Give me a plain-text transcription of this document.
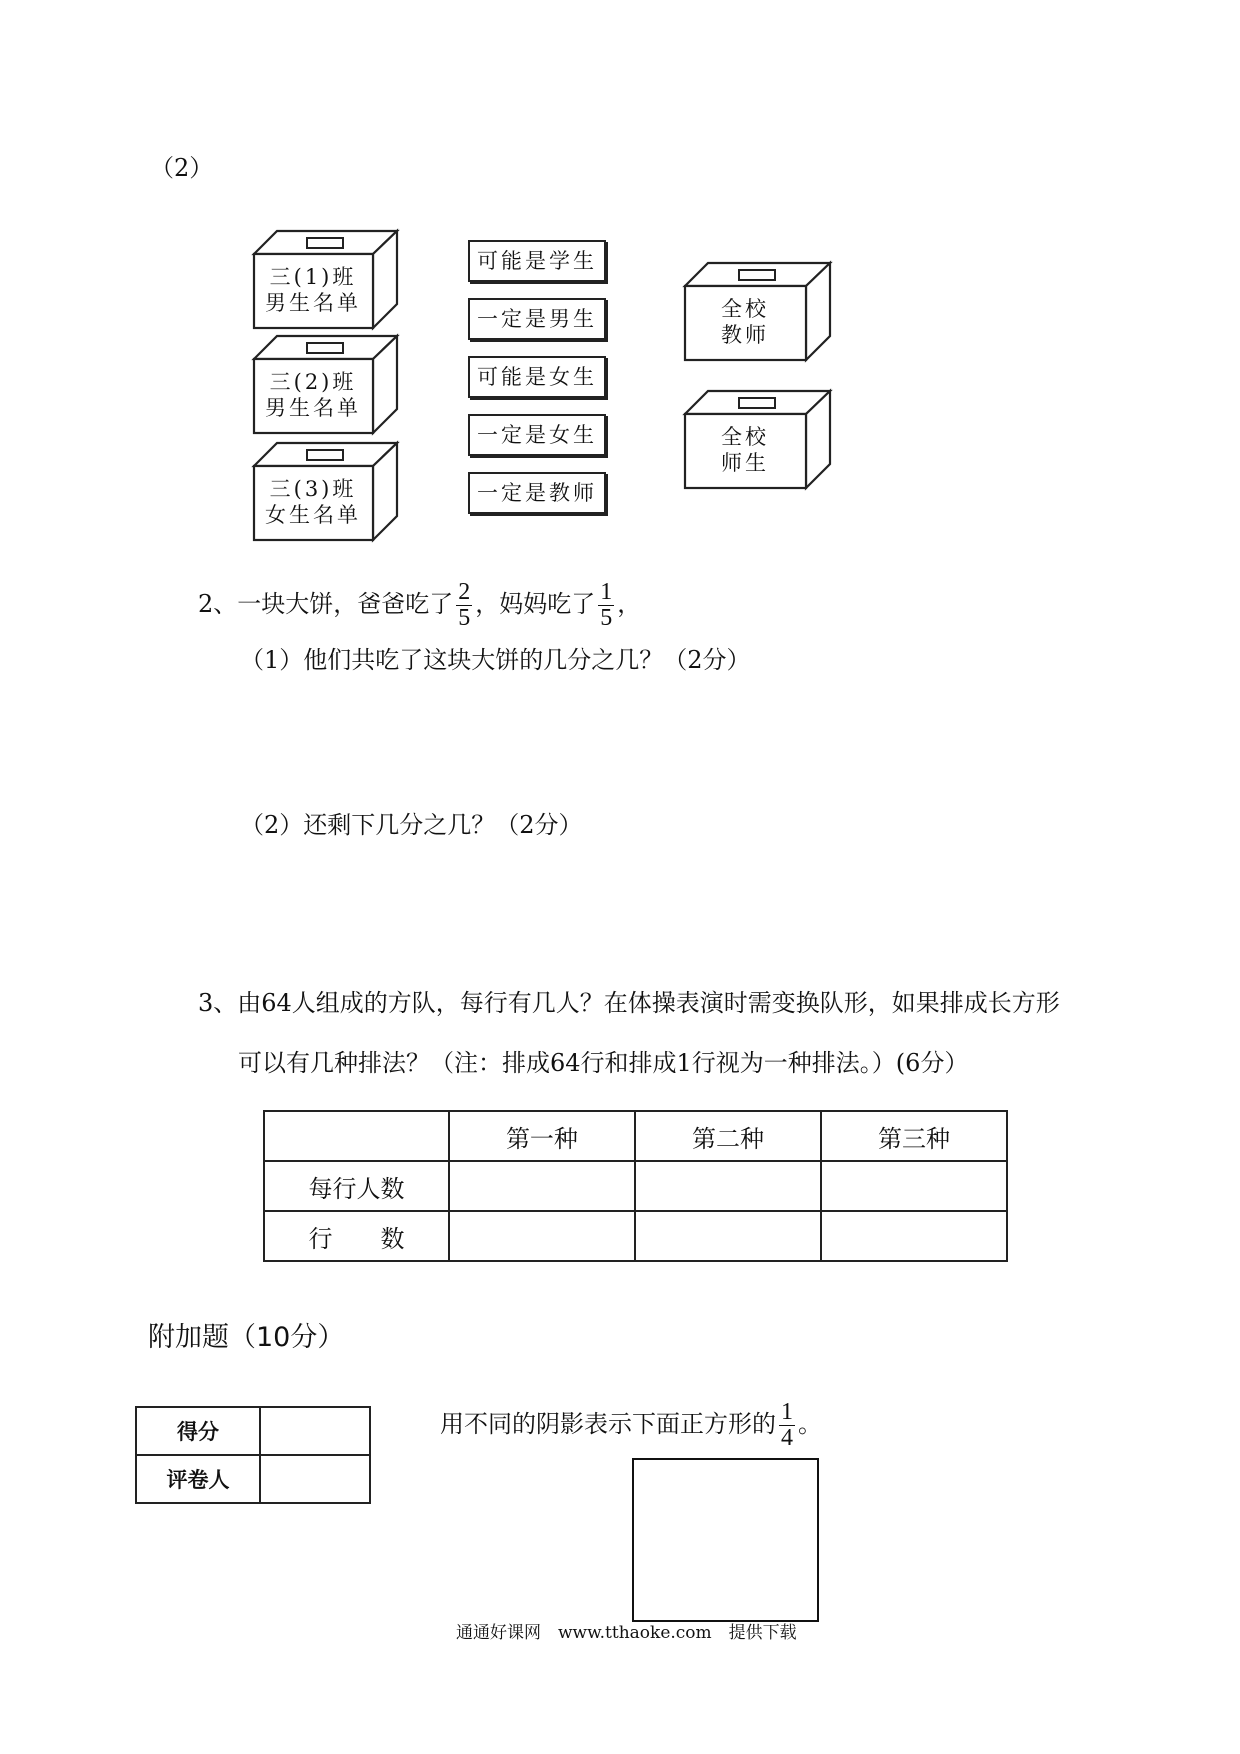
（2）
三(1)班
男生名单
三(2)班
男生名单
三(3)班
女生名单
可能是学生
一定是男生
可能是女生
一定是女生
一定是教师
全校
教师
全校
师生
2、一块大饼，爸爸吃了 $\frac{2}{5}$ ，妈妈吃了 $\frac{1}{5}$ ，
（1）他们共吃了这块大饼的几分之几？（2分）
（2）还剩下几分之几？（2分）
3、由64人组成的方队，每行有几人？在体操表演时需变换队形，如果排成长方形
可以有几种排法？（注：排成64行和排成1行视为一种排法。）(6分）
	第一种	第二种	第三种
每行人数			
行　　数			
附加题（10分）
得分	
评卷人	
用不同的阴影表示下面正方形的 $\frac{1}{4}$ 。
通通好课网　www.tthaoke.com　提供下载
